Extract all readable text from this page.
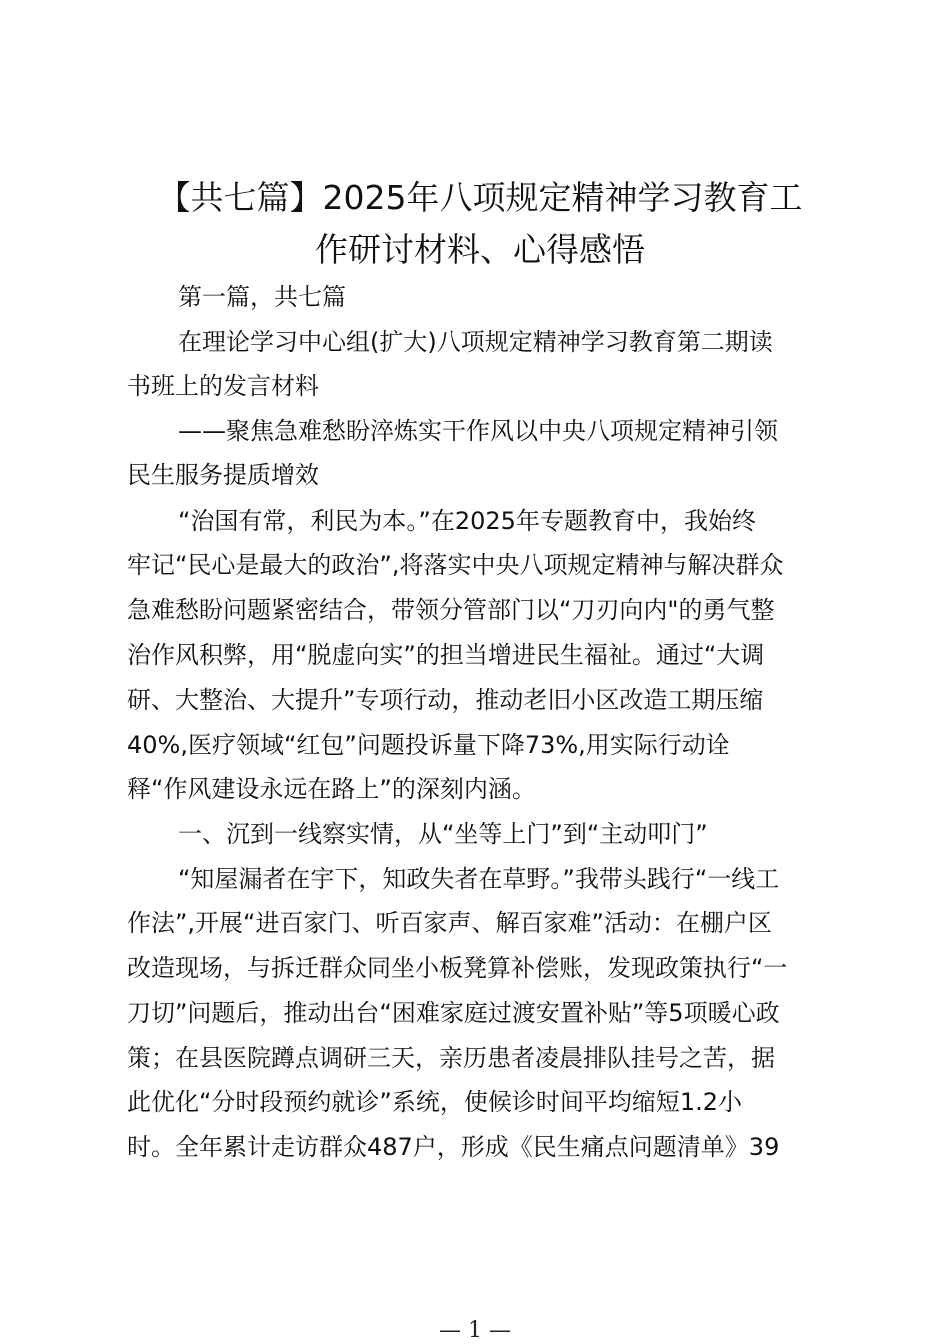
【共七篇】2025年八项规定精神学习教育工
作研讨材料、心得感悟

第一篇，共七篇

在理论学习中心组(扩大)八项规定精神学习教育第二期读

书班上的发言材料

——聚焦急难愁盼淬炼实干作风以中央八项规定精神引领

民生服务提质增效

“治国有常，利民为本。”在2025年专题教育中，我始终

牢记“民心是最大的政治”,将落实中央八项规定精神与解决群众

急难愁盼问题紧密结合，带领分管部门以“刀刃向内"的勇气整

治作风积弊，用“脱虚向实”的担当增进民生福祉。通过“大调

研、大整治、大提升”专项行动，推动老旧小区改造工期压缩

40%,医疗领域“红包”问题投诉量下降73%,用实际行动诠

释“作风建设永远在路上”的深刻内涵。

一、沉到一线察实情，从“坐等上门”到“主动叩门”

“知屋漏者在宇下，知政失者在草野。”我带头践行“一线工

作法”,开展“进百家门、听百家声、解百家难”活动：在棚户区

改造现场，与拆迁群众同坐小板凳算补偿账，发现政策执行“一

刀切”问题后，推动出台“困难家庭过渡安置补贴”等5项暖心政

策；在县医院蹲点调研三天，亲历患者凌晨排队挂号之苦，据

此优化“分时段预约就诊”系统，使候诊时间平均缩短1.2小

时。全年累计走访群众487户，形成《民生痛点问题清单》39

— 1 —
